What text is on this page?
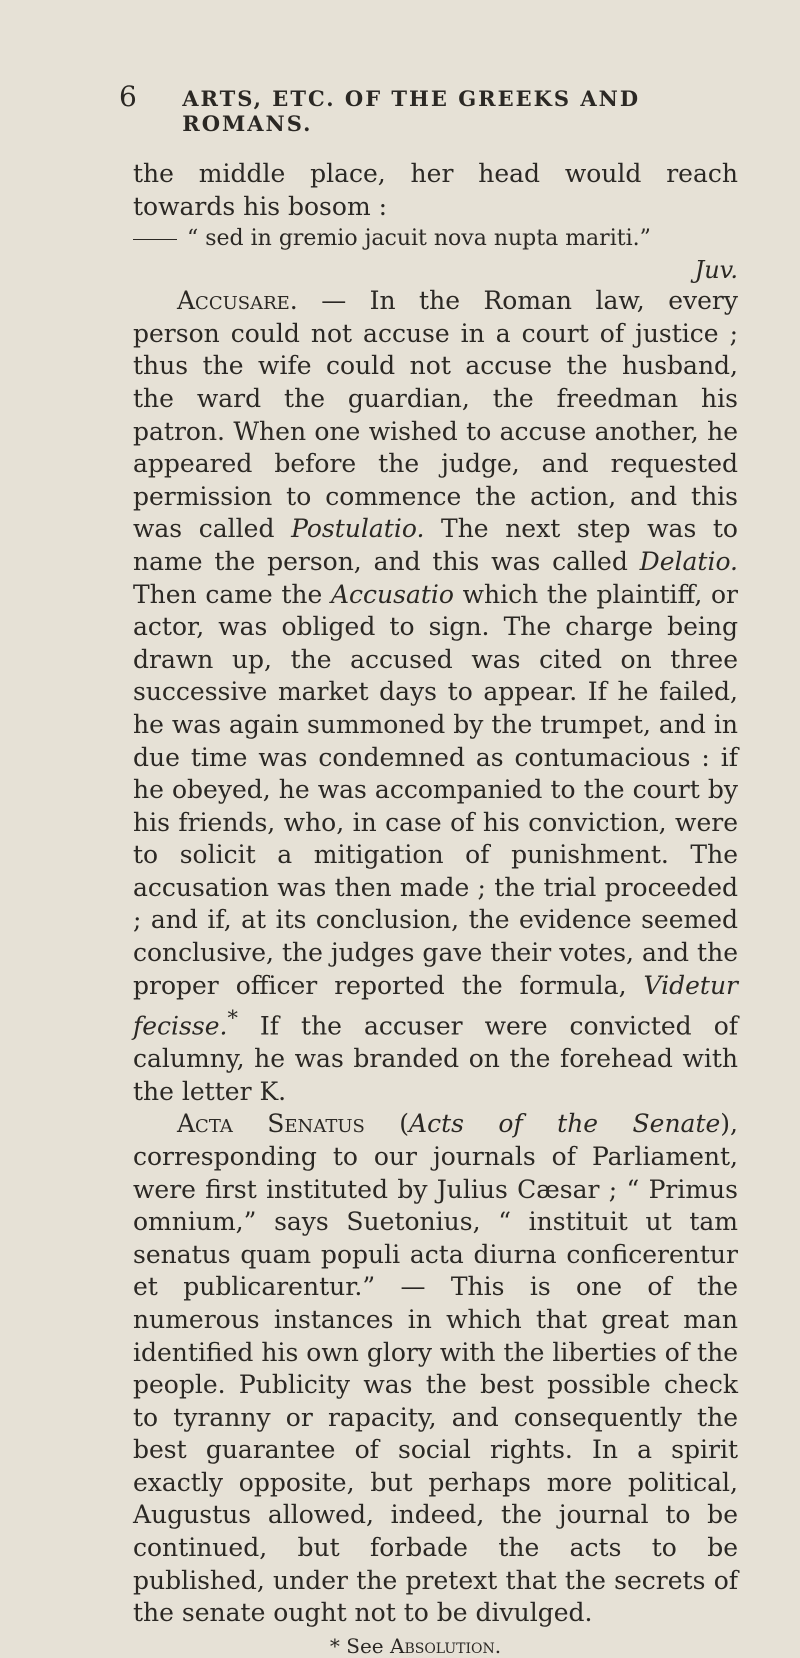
6	ARTS, ETC. OF THE GREEKS AND ROMANS.

the middle place, her head would reach towards his bosom :

“ sed in gremio jacuit nova nupta mariti.”

Juv.

Accusare. — In the Roman law, every person could not accuse in a court of justice ; thus the wife could not accuse the husband, the ward the guardian, the freedman his patron. When one wished to accuse another, he appeared before the judge, and requested permission to commence the action, and this was called Postulatio. The next step was to name the person, and this was called Delatio. Then came the Accusatio which the plaintiff, or actor, was obliged to sign. The charge being drawn up, the accused was cited on three successive market days to appear. If he failed, he was again summoned by the trumpet, and in due time was condemned as contumacious : if he obeyed, he was accompanied to the court by his friends, who, in case of his conviction, were to solicit a mitigation of punishment. The accusation was then made ; the trial proceeded ; and if, at its conclusion, the evidence seemed conclusive, the judges gave their votes, and the proper officer reported the formula, Videtur fecisse.* If the accuser were convicted of calumny, he was branded on the forehead with the letter K.

Acta Senatus (Acts of the Senate), corresponding to our journals of Parliament, were first instituted by Julius Cæsar ; “ Primus omnium,” says Suetonius, “ instituit ut tam senatus quam populi acta diurna conficerentur et publicarentur.” — This is one of the numerous instances in which that great man identified his own glory with the liberties of the people. Publicity was the best possible check to tyranny or rapacity, and consequently the best guarantee of social rights. In a spirit exactly opposite, but perhaps more political, Augustus allowed, indeed, the journal to be continued, but forbade the acts to be published, under the pretext that the secrets of the senate ought not to be divulged.

* See Absolution.
